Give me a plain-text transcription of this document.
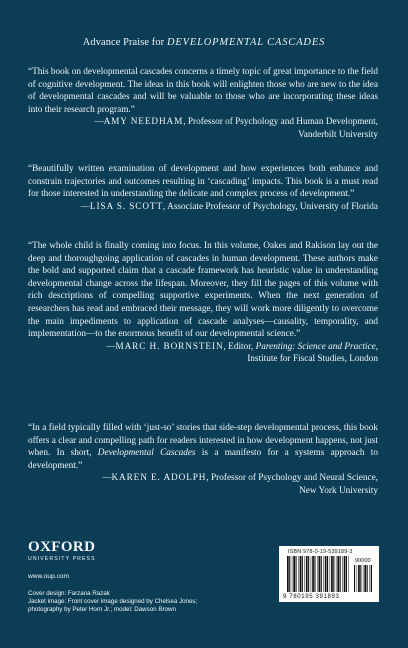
Advance Praise for DEVELOPMENTAL CASCADES
“This book on developmental cascades concerns a timely topic of great importance to the field of cognitive development. The ideas in this book will enlighten those who are new to the idea of developmental cascades and will be valuable to those who are incorporating these ideas into their research program.”
—AMY NEEDHAM, Professor of Psychology and Human Development,
Vanderbilt University
“Beautifully written examination of development and how experiences both enhance and constrain trajectories and outcomes resulting in ‘cascading’ impacts. This book is a must read for those interested in understanding the delicate and complex process of development.”
—LISA S. SCOTT, Associate Professor of Psychology, University of Florida
“The whole child is finally coming into focus. In this volume, Oakes and Rakison lay out the deep and thoroughgoing application of cascades in human development. These authors make the bold and supported claim that a cascade framework has heuristic value in understanding developmental change across the lifespan. Moreover, they fill the pages of this volume with rich descriptions of compelling supportive experiments. When the next generation of researchers has read and embraced their message, they will work more diligently to overcome the main impediments to application of cascade analyses—causality, temporality, and implementation—to the enormous benefit of our developmental science.”
—MARC H. BORNSTEIN, Editor, Parenting: Science and Practice,
Institute for Fiscal Studies, London
“In a field typically filled with ‘just-so’ stories that side-step developmental process, this book offers a clear and compelling path for readers interested in how development happens, not just when. In short, Developmental Cascades is a manifesto for a systems approach to development.”
—KAREN E. ADOLPH, Professor of Psychology and Neural Science,
New York University
OXFORD
UNIVERSITY PRESS
www.oup.com
Cover design: Farzana Razak
Jacket image: Front cover image designed by Chelsea Jones;
photography by Peter Horn Jr.; model: Dawson Brown
ISBN 978-0-19-539189-3
90000
9 780195 391893
